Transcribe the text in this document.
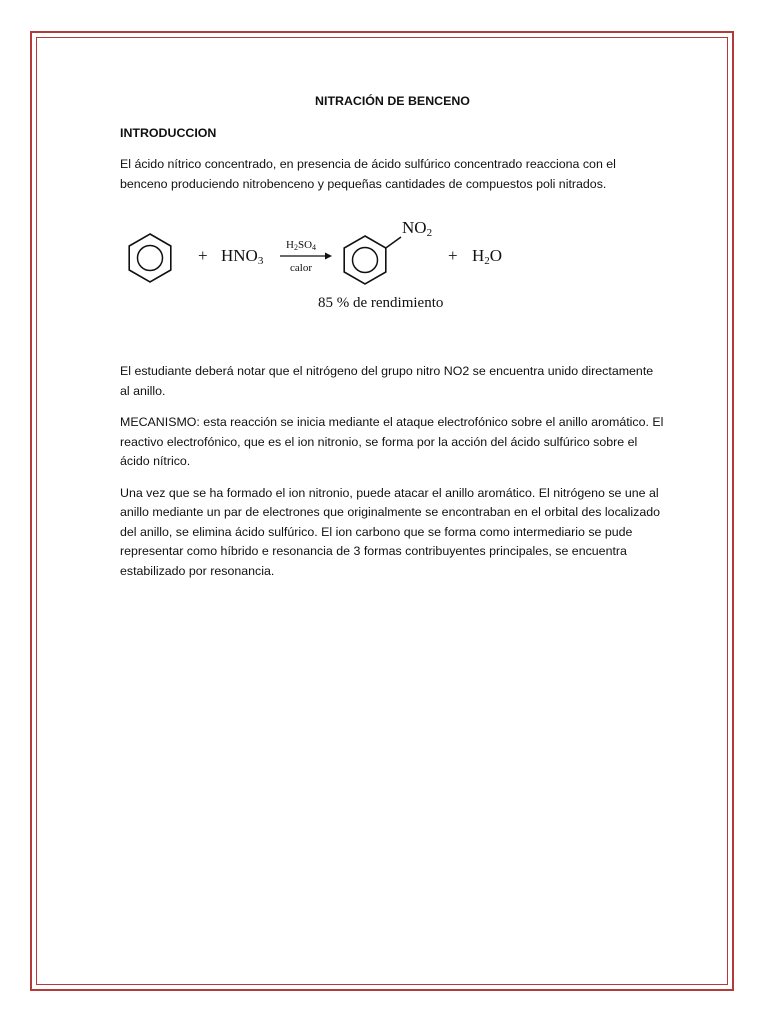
NITRACIÓN DE BENCENO
INTRODUCCION

El ácido nítrico concentrado, en presencia de ácido sulfúrico concentrado reacciona con el benceno produciendo nitrobenceno y pequeñas cantidades de compuestos poli nitrados.

+ $HNO_3$
$H_2SO_4$
calor
$NO_2$
+ $H_2O$
85 % de rendimiento

El estudiante deberá notar que el nitrógeno del grupo nitro NO2 se encuentra unido directamente al anillo.

MECANISMO: esta reacción se inicia mediante el ataque electrofónico sobre el anillo aromático. El reactivo electrofónico, que es el ion nitronio, se forma por la acción del ácido sulfúrico sobre el ácido nítrico.

Una vez que se ha formado el ion nitronio, puede atacar el anillo aromático. El nitrógeno se une al anillo mediante un par de electrones que originalmente se encontraban en el orbital des localizado del anillo, se elimina ácido sulfúrico. El ion carbono que se forma como intermediario se pude representar como híbrido e resonancia de 3 formas contribuyentes principales, se encuentra estabilizado por resonancia.
